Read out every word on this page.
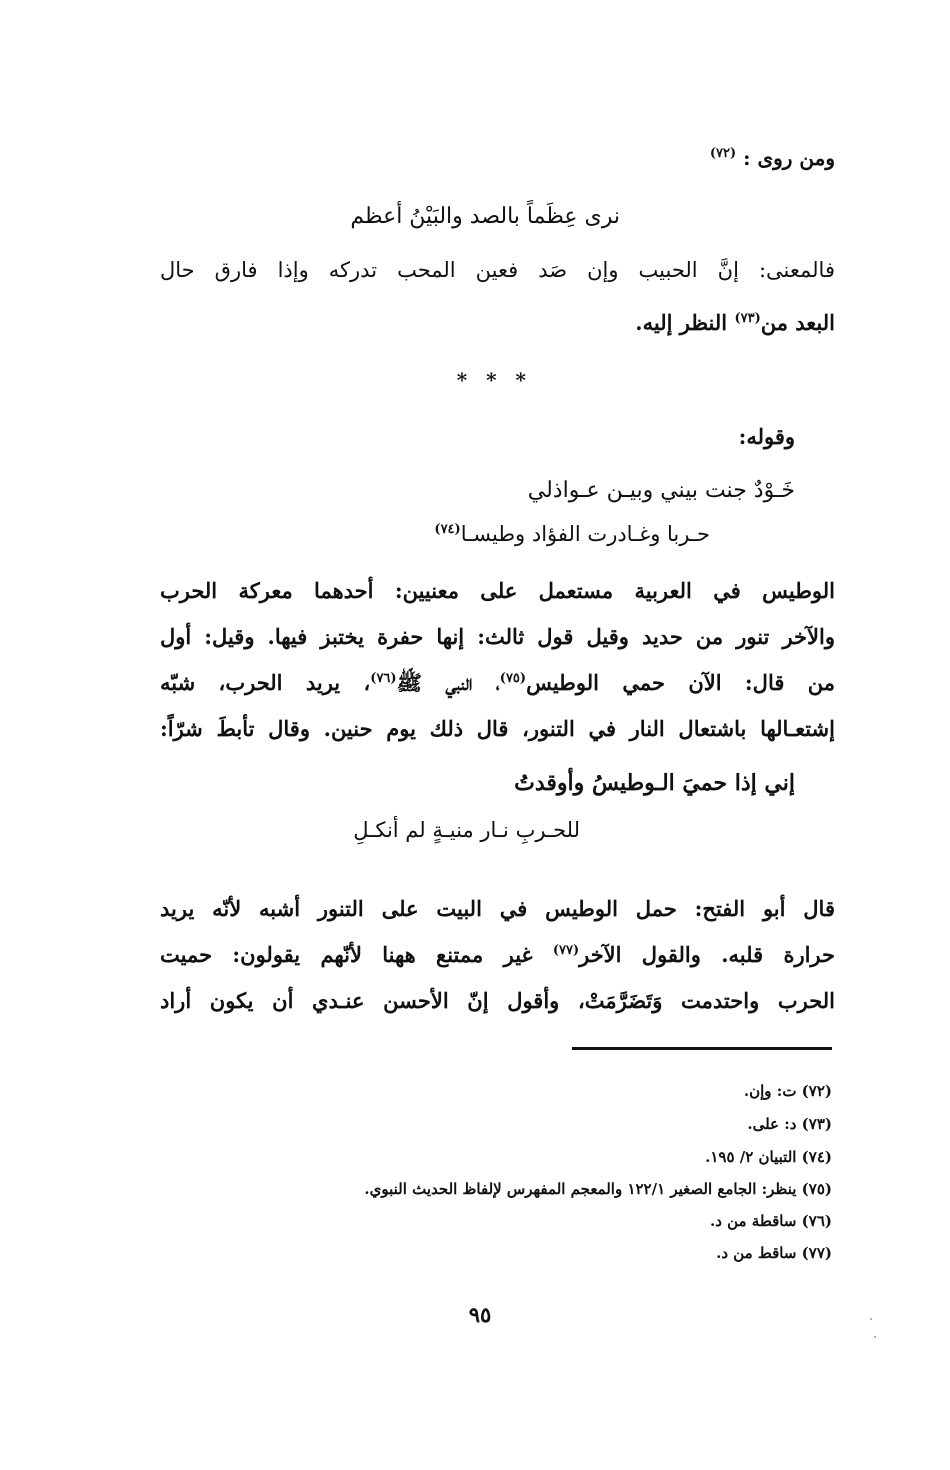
ومن روى : $^{(٧٢)}$
نرى عِظَماً بالصد والبَيْنُ أعظم
فالمعنى: إنَّ الحبيب وإن صَد فعين المحب تدركه وإذا فارق حال
البعد من$^{(٧٣)}$ النظر إليه.
* * *
وقوله:
خَـوْدٌ جنت بيني وبيـن عـواذلي
حـربا وغـادرت الفؤاد وطيسـا$^{(٧٤)}$
الوطيس في العربية مستعمل على معنيين: أحدهما معركة الحرب
والآخر تنور من حديد وقيل قول ثالث: إنها حفرة يختبز فيها. وقيل: أول
من قال: الآن حمي الوطيس$^{(٧٥)}$، النبي ﷺ$^{(٧٦)}$، يريد الحرب، شبّه
إشتعـالها باشتعال النار في التنور، قال ذلك يوم حنين. وقال تأبطَ شرّاً:
إني إذا حميَ الـوطيسُ وأوقدتُ
للحـربِ نـار منيـةٍ لم أنكـلِ
قال أبو الفتح: حمل الوطيس في البيت على التنور أشبه لأنّه يريد
حرارة قلبه. والقول الآخر$^{(٧٧)}$ غير ممتنع ههنا لأنّهم يقولون: حميت
الحرب واحتدمت وَتَضَرَّمَتْ، وأقول إنّ الأحسن عنـدي أن يكون أراد
(٧٢) ت: وإن.
(٧٣) د: على.
(٧٤) التبيان ٢/ ١٩٥.
(٧٥) ينظر: الجامع الصغير ١٢٢/١ والمعجم المفهرس لإلفاظ الحديث النبوي.
(٧٦) ساقطة من د.
(٧٧) ساقط من د.
٩٥
